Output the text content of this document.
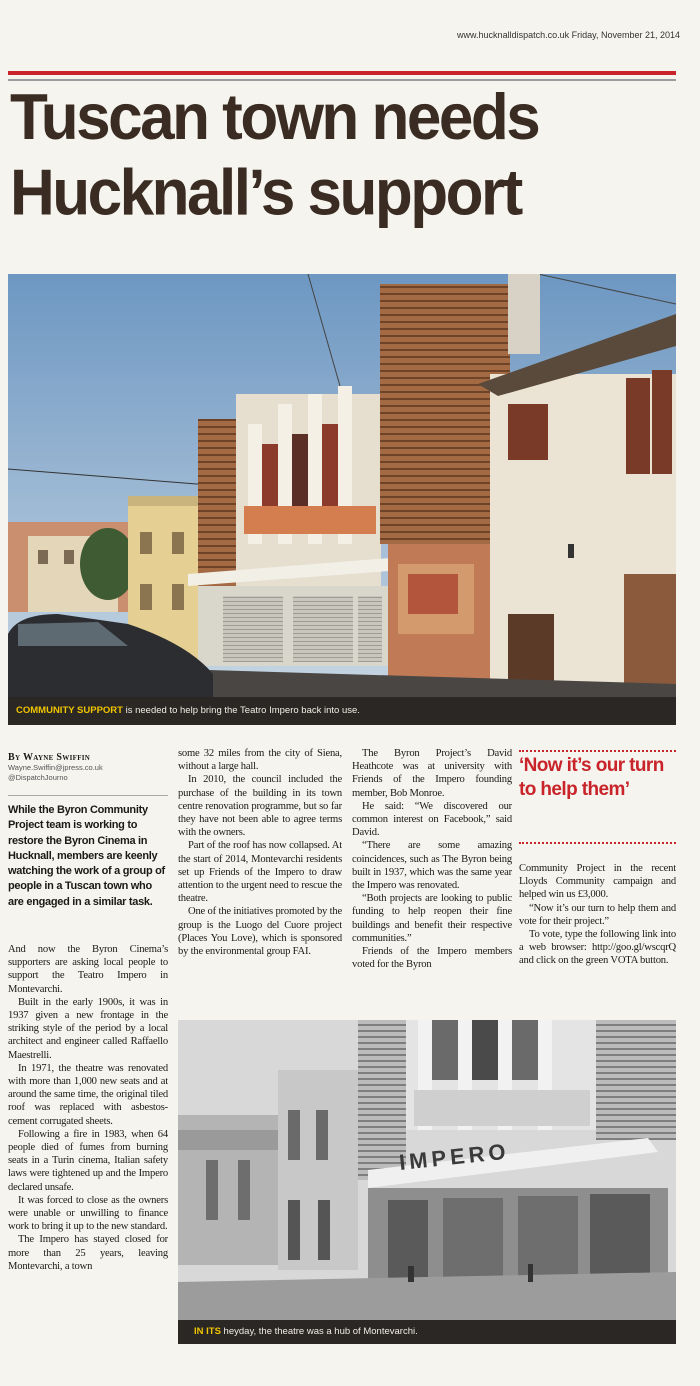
www.hucknalldispatch.co.uk Friday, November 21, 2014
Tuscan town needs
Hucknall’s support
COMMUNITY SUPPORT is needed to help bring the Teatro Impero back into use.
By Wayne Swiffin
Wayne.Swiffin@jpress.co.uk
@DispatchJourno
While the Byron Community Project team is working to restore the Byron Cinema in Hucknall, members are keenly watching the work of a group of people in a Tuscan town who are engaged in a similar task.

And now the Byron Cinema’s supporters are asking local people to support the Teatro Impero in Montevarchi.

Built in the early 1900s, it was in 1937 given a new frontage in the striking style of the period by a local architect and engineer called Raffaello Maestrelli.

In 1971, the theatre was renovated with more than 1,000 new seats and at around the same time, the original tiled roof was replaced with asbestos-cement corrugated sheets.

Following a fire in 1983, when 64 people died of fumes from burning seats in a Turin cinema, Italian safety laws were tightened up and the Impero declared unsafe.

It was forced to close as the owners were unable or unwilling to finance work to bring it up to the new standard.

The Impero has stayed closed for more than 25 years, leaving Montevarchi, a town

some 32 miles from the city of Siena, without a large hall.

In 2010, the council included the purchase of the building in its town centre renovation programme, but so far they have not been able to agree terms with the owners.

Part of the roof has now collapsed. At the start of 2014, Montevarchi residents set up Friends of the Impero to draw attention to the urgent need to rescue the theatre.

One of the initiatives promoted by the group is the Luogo del Cuore project (Places You Love), which is sponsored by the environmental group FAI.

The Byron Project’s David Heathcote was at university with Friends of the Impero founding member, Bob Monroe.

He said: “We discovered our common interest on Facebook,” said David.

“There are some amazing coincidences, such as The Byron being built in 1937, which was the same year the Impero was renovated.

“Both projects are looking to public funding to help reopen their fine buildings and benefit their respective communities.”

Friends of the Impero members voted for the Byron

‘Now it’s our turn to help them’

Community Project in the recent Lloyds Community campaign and helped win us £3,000.

“Now it’s our turn to help them and vote for their project.”

To vote, type the following link into a web browser: http://goo.gl/wsсqrQ and click on the green VOTA button.

IMPERO
IN ITS heyday, the theatre was a hub of Montevarchi.
